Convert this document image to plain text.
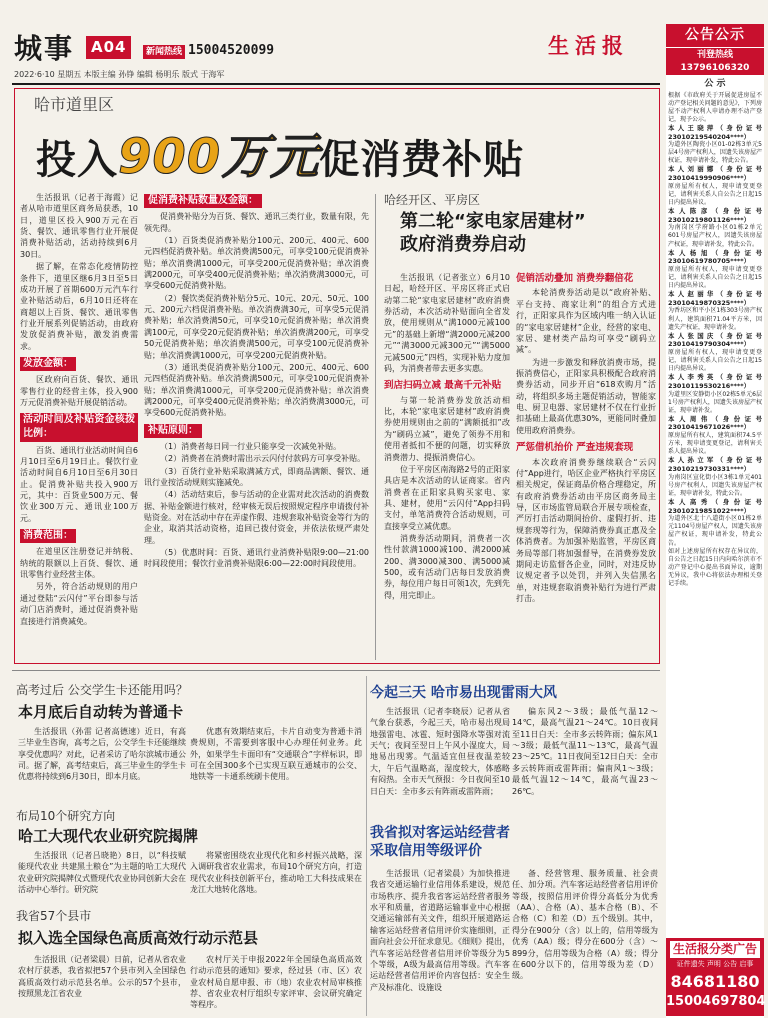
城事	A04	新闻热线 15004520099	生活报
2022·6·10 星期五 本版主编 孙铮 编辑 杨明乐 版式 于海军
哈市道里区
投入900万元促消费补贴

生活报讯（记者于海霞）记者从哈市道里区商务局获悉，10日，道里区投入900万元在百货、餐饮、通讯零售行业开展促消费补贴活动，活动持续到6月30日。

据了解，在常态化疫情防控条件下，道里区继6月3日至5日成功开展了首期600万元汽车行业补贴活动后，6月10日还将在商超以上百货、餐饮、通讯零售行业开展系列促销活动，由政府发放促消费补贴，激发消费需求。

发放金额：

区政府向百货、餐饮、通讯零售行业的经营主体，投入900万元促消费补贴开展促销活动。

活动时间及补贴资金核拨比例：

百货、通讯行业活动时间自6月10日至6月19日止。餐饮行业活动时间自6月10日至6月30日止。促消费补贴共投入900万元，其中：百货业500万元、餐饮业300万元、通讯业100万元。

消费范围：

在道里区注册登记并纳税、纳统的限额以上百货、餐饮、通讯零售行业经营主体。

另外，符合活动规则的用户通过登陆“云闪付”平台即参与活动门店消费时，通过促消费补贴直接进行消费减免。

促消费补贴数量及金额：

促消费补贴分为百货、餐饮、通讯三类行业，数量有限，先领先得。

（1）百货类促消费补贴分100元、200元、400元、600元四档促消费补贴。单次消费满500元，可享受100元促消费补贴；单次消费满1000元，可享受200元促消费补贴；单次消费满2000元，可享受400元促消费补贴；单次消费满3000元，可享受600元促消费补贴。

（2）餐饮类促消费补贴分5元、10元、20元、50元、100元、200元六档促消费补贴。单次消费满30元，可享受5元促消费补贴；单次消费满50元，可享受10元促消费补贴；单次消费满100元，可享受20元促消费补贴；单次消费满200元，可享受50元促消费补贴；单次消费满500元，可享受100元促消费补贴；单次消费满1000元，可享受200元促消费补贴。

（3）通讯类促消费补贴分100元、200元、400元、600元四档促消费补贴。单次消费满500元，可享受100元促消费补贴；单次消费满1000元，可享受200元促消费补贴；单次消费满2000元，可享受400元促消费补贴；单次消费满3000元，可享受600元促消费补贴。

补贴原则：

（1）消费者每日同一行业只能享受一次减免补贴。

（2）消费者在消费时需出示云闪付付款码方可享受补贴。

（3）百货行业补贴采取满减方式，即商品满额、餐饮、通讯行业按活动规则实施减免。

（4）活动结束后，参与活动的企业需对此次活动的消费数据、补贴金额进行核对，经审核无误后按照规定程序申请拨付补贴资金。对在活动中存在弄虚作假、违规套取补贴资金等行为的企业，取消其活动资格，追回已拨付资金，并依法依规严肃处理。

（5）优惠时间：百货、通讯行业消费补贴限9:00—21:00时间段使用；餐饮行业消费补贴限6:00—22:00时间段使用。

哈经开区、平房区
第二轮“家电家居建材”
政府消费券启动

生活报讯（记者张立）6月10日起，哈经开区、平房区将正式启动第二轮“家电家居建材”政府消费券活动，本次活动补贴面向全省发放，使用规则从“满1000元减100元”的基础上新增“满2000元减200元”“满3000元减300元”“满5000元减500元”四档，实现补贴力度加码，为消费者带去更多实惠。

到店扫码立减 最高千元补贴

与第一轮消费券发放活动相比，本轮“家电家居建材”政府消费券使用规则由之前的“满额抵扣”改为“刷码立减”，避免了领券不用和使用者抵扣不便的问题，切实释放消费潜力、提振消费信心。

位于平房区南海路2号的正阳家具店是本次活动的认证商家。省内消费者在正阳家具购买家电、家具、建材，使用“云闪付”App扫码支付，单笔消费符合活动规则，可直接享受立减优惠。

消费券活动期间，消费者一次性付款满1000减100、满2000减200、满3000减300、满5000减500，或有活动门店每日发放消费券，每位用户每日可领1次，先到先得，用完即止。

促销活动叠加 消费券翻倍花

本轮消费券活动是以“政府补贴、平台支持、商家让利”的组合方式进行，正阳家具作为区域内唯一纳入认证的“家电家居建材”企业，经营的家电、家居、建材类产品均可享受“刷码立减”。

为进一步激发和释放消费市场，提振消费信心，正阳家具积极配合政府消费券活动，同步开启“618欢购月”活动，将组织多场主题促销活动，智能家电、厨卫电器、家居建材不仅在行业折扣基础上最高优惠30%，更能同时叠加使用政府消费券。

严惩借机抬价 严查违规套现

本次政府消费券继续联合“云闪付”App进行，哈区企业严格执行平房区相关规定，保证商品价格合理稳定，所有政府消费券活动由平房区商务局主导，区市场监管局联合开展专项检查，严厉打击活动期间抬价、虚假打折、违规套现等行为，保障消费券真正惠及全体消费者。为加强补贴监管，平房区商务局等部门将加强督导，在消费券发放期间走访监督各企业，同时，对违反协议规定者予以处罚，并列入失信黑名单，对违规套取消费补贴行为进行严肃打击。

高考过后 公交学生卡还能用吗？
本月底后自动转为普通卡

生活报讯（孙雷 记者高德速）近日，有高三毕业生咨询，高考之后，公交学生卡还能继续享受优惠吗？对此，记者采访了哈尔滨城市通公司。据了解，高考结束后，高三毕业生的学生卡优惠将持续到6月30日，即本月底。

优惠有效期结束后，卡片自动变为普通卡消费规则，不需要到客服中心办理任何业务。此外，如果学生卡面印有“交通联合”字样标识，即可在全国300多个已实现互联互通城市的公交、地铁等一卡通系统刷卡使用。

布局10个研究方向
哈工大现代农业研究院揭牌

生活报讯（记者吕晓艳）8日，以“科技赋能现代农业 共建黑土粮仓”为主题的哈工大现代农业研究院揭牌仪式暨现代农业协同创新大会在活动中心举行。研究院

将紧密围绕农业现代化和乡村振兴战略，深入调研我省农业需求，布局10个研究方向，打造现代农业科技创新平台，推动哈工大科技成果在龙江大地转化落地。

我省57个县市
拟入选全国绿色高质高效行动示范县

生活报讯（记者梁晨）日前，记者从省农业农村厅获悉，我省拟把57个县市列入全国绿色高质高效行动示范县名单。公示的57个县市，按照黑龙江省农业

农村厅关于申报2022年全国绿色高质高效行动示范县的通知》要求，经过县（市、区）农业农村局自愿申报、市（地）农业农村局审核推荐、省农业农村厅组织专家评审、会议研究确定等程序。

今起三天 哈市易出现雷雨大风

生活报讯（记者李晓辰）记者从省气象台获悉，今起三天，哈市易出现局地强雷电、冰雹、短时强降水等强对流天气；夜间至翌日上午风小湿度大，局地易出现雾。气温适宜但昼夜温差较大，午后气温略高，湿度较大，体感略有闷热。全市天气预报：今日夜间至10日白天：全市多云有阵雨或雷阵雨；

偏东风2～3级；最低气温12～14℃，最高气温21～24℃。10日夜间至11日白天：全市多云转阵雨；偏东风1～3级；最低气温11～13℃，最高气温23～25℃。11日夜间至12日白天：全市多云转阵雨或雷阵雨；偏南风1～3级；最低气温12～14℃，最高气温23～26℃。

我省拟对客运站经营者
采取信用等级评价

生活报讯（记者梁晨）为加快推进我省交通运输行业信用体系建设，规范市场秩序、提升我省客运站经营者服务水平和质量，省道路运输事业中心根据交通运输部有关文件，组织开展道路运输客运站经营者信用评价实施细则，正面向社会公开征求意见。《细则》提出，汽车客运站经营者信用评价等级分为5个等级，A级为最高信用等级。汽车客运站经营者信用评价内容包括：安全生产及标准化、设施设

备、经营管理、服务质量、社会责任、加分项。汽车客运站经营者信用评价等级，按照信用评价得分高低分为优秀（AA）、合格（A）、基本合格（B）、不合格（C）和差（D）五个级别。其中，得分在900分（含）以上的，信用等级为优秀（AA）级；得分在600分（含）～899分，信用等级为合格（A）级；得分在600分以下的，信用等级为差（D）级。

公告公示
刊登热线13796106320
公 示
根据《市政府关于开展促进房屋不动产登记相关问题的意见》，下列房屋不动产权利人申请办理不动产登记，现予公示。
本人王晓萍（身份证号23010219540204****）
为道外区陶瓷小区01-02栋3单元5层4号房产权利人，因遗失该房屋产权证，现申请补发，特此公告。
本人刘丽娜（身份证号23010419990906****）
原房屋所有权人，现申请变更登记，请利害关系人自公告之日起15日内提出异议。
本人陈彦（身份证号23010219801126****）
为南岗区学府路小区01栋2单元601号房屋产权人，因遗失该房屋产权证，现申请补发，特此公告。
本人杨旭（身份证号23010619780705****）
原房屋所有权人，现申请变更登记，请利害关系人自公告之日起15日内提出异议。
本人赵丽华（身份证号23010419870325****）
为香坊区和平小区1栋303号房产权利人，建筑面积71.04平方米，因遗失产权证，现申请补发。
本人张国庆（身份证号23010419790304****）
原房屋所有权人，现申请变更登记，请利害关系人自公告之日起15日内提出异议。
本人李秀英（身份证号23010119530216****）
为道里区安静街小区02栋5单元6层1号房产权利人，因遗失该房屋产权证，现申请补发。
本人周伟（身份证号23010419671026****）
原房屋所有权人，建筑面积74.5平方米，现申请变更登记，请利害关系人提出异议。
本人孙立军（身份证号23010219730331****）
为南岗区宣化街小区3栋1单元401号房产权利人，因遗失该房屋产权证，现申请补发，特此公告。
本人高秀（身份证号23010219851022****）
为道外区北十八道街小区01栋2单元1104号房屋产权人，因遗失该房屋产权证，现申请补发，特此公告。
如对上述房屋所有权存在异议的，自公告之日起15日内向哈尔滨市不动产登记中心提出书面异议，逾期无异议，我中心将依法办理相关登记手续。
生活报分类广告
证件遗失 声明 公告 启事
84681180
15004697804
